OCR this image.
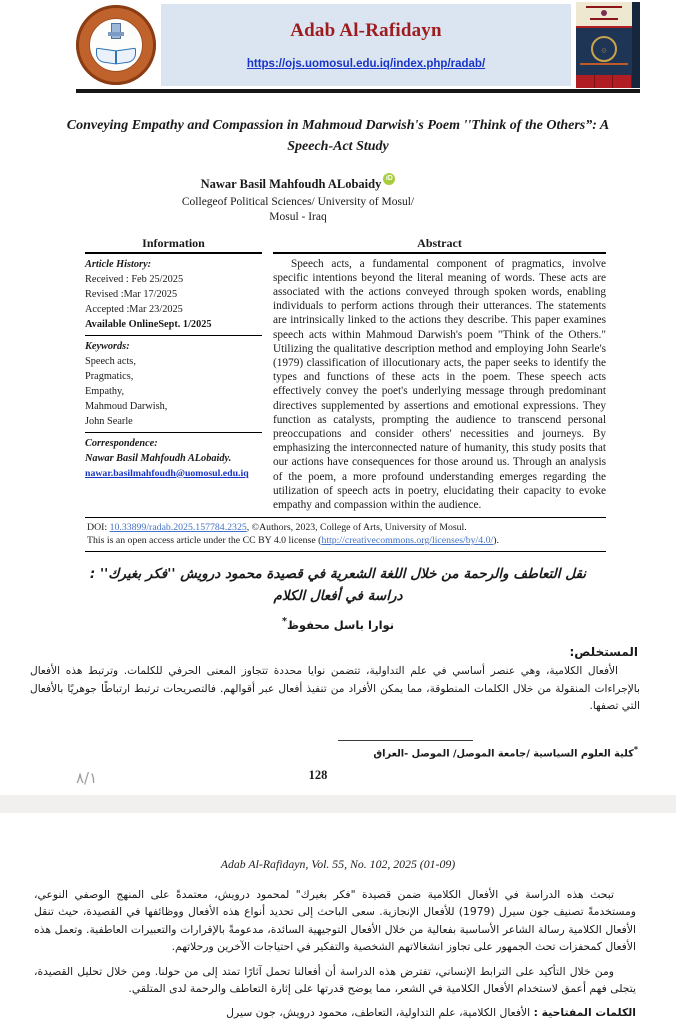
Adab Al-Rafidayn
https://ojs.uomosul.edu.iq/index.php/radab/
۞
Conveying Empathy and Compassion in Mahmoud Darwish's Poem ''Think of the Others”: A Speech-Act Study
Nawar Basil Mahfoudh ALobaidy iD
Collegeof Political Sciences/ University of Mosul/
Mosul - Iraq
Information
Article History:
Received : Feb 25/2025
Revised :Mar 17/2025
Accepted :Mar 23/2025
Available OnlineSept. 1/2025
Keywords:
Speech acts,
Pragmatics,
Empathy,
Mahmoud Darwish,
John Searle
Correspondence:
Nawar Basil Mahfoudh ALobaidy.
nawar.basilmahfoudh@uomosul.edu.iq
Abstract
Speech acts, a fundamental component of pragmatics, involve specific intentions beyond the literal meaning of words. These acts are associated with the actions conveyed through spoken words, enabling individuals to perform actions through their utterances. The statements are intrinsically linked to the actions they describe. This paper examines speech acts within Mahmoud Darwish's poem "Think of the Others." Utilizing the qualitative description method and employing John Searle's (1979) classification of illocutionary acts, the paper seeks to identify the types and functions of these acts in the poem. These speech acts effectively convey the poet's underlying message through predominant directives supplemented by assertions and emotional expressions. They function as catalysts, prompting the audience to transcend personal preoccupations and consider others' necessities and journeys. By emphasizing the interconnected nature of humanity, this study posits that our actions have consequences for those around us. Through an analysis of the poem, a more profound understanding emerges regarding the utilization of speech acts in poetry, elucidating their capacity to evoke empathy and compassion within the audience.
DOI: 10.33899/radab.2025.157784.2325, ©Authors, 2023, College of Arts, University of Mosul.
This is an open access article under the CC BY 4.0 license (http://creativecommons.org/licenses/by/4.0/).
نقل التعاطف والرحمة من خلال اللغة الشعرية في قصيدة محمود درويش ''فكر بغيرك'' :
دراسة في أفعال الكلام
نوارا باسل محفوظ*
المستخلص:
الأفعال الكلامية، وهي عنصر أساسي في علم التداولية، تتضمن نوايا محددة تتجاوز المعنى الحرفي للكلمات. وترتبط هذه الأفعال بالإجراءات المنقولة من خلال الكلمات المنطوقة، مما يمكن الأفراد من تنفيذ أفعال عبر أقوالهم. فالتصريحات ترتبط ارتباطًا جوهريًا بالأفعال التي تصفها.
*كلية العلوم السياسية /جامعة الموصل/ الموصل -العراق
128
٨/١
Adab Al-Rafidayn, Vol. 55, No. 102, 2025 (01-09)
تبحث هذه الدراسة في الأفعال الكلامية ضمن قصيدة "فكر بغيرك" لمحمود درويش، معتمدةً على المنهج الوصفي النوعي، ومستخدمةً تصنيف جون سيرل (1979) للأفعال الإنجازية. سعى الباحث إلى تحديد أنواع هذه الأفعال ووظائفها في القصيدة، حيث تنقل الأفعال الكلامية رسالة الشاعر الأساسية بفعالية من خلال الأفعال التوجيهية السائدة، مدعومةً بالإقرارات والتعبيرات العاطفية. وتعمل هذه الأفعال كمحفزات تحث الجمهور على تجاوز انشغالاتهم الشخصية والتفكير في احتياجات الآخرين ورحلاتهم.
ومن خلال التأكيد على الترابط الإنساني، تفترض هذه الدراسة أن أفعالنا تحمل آثارًا تمتد إلى من حولنا. ومن خلال تحليل القصيدة، يتجلى فهم أعمق لاستخدام الأفعال الكلامية في الشعر، مما يوضح قدرتها على إثارة التعاطف والرحمة لدى المتلقي.
الكلمات المفتاحية : الأفعال الكلامية، علم التداولية، التعاطف، محمود درويش، جون سيرل
